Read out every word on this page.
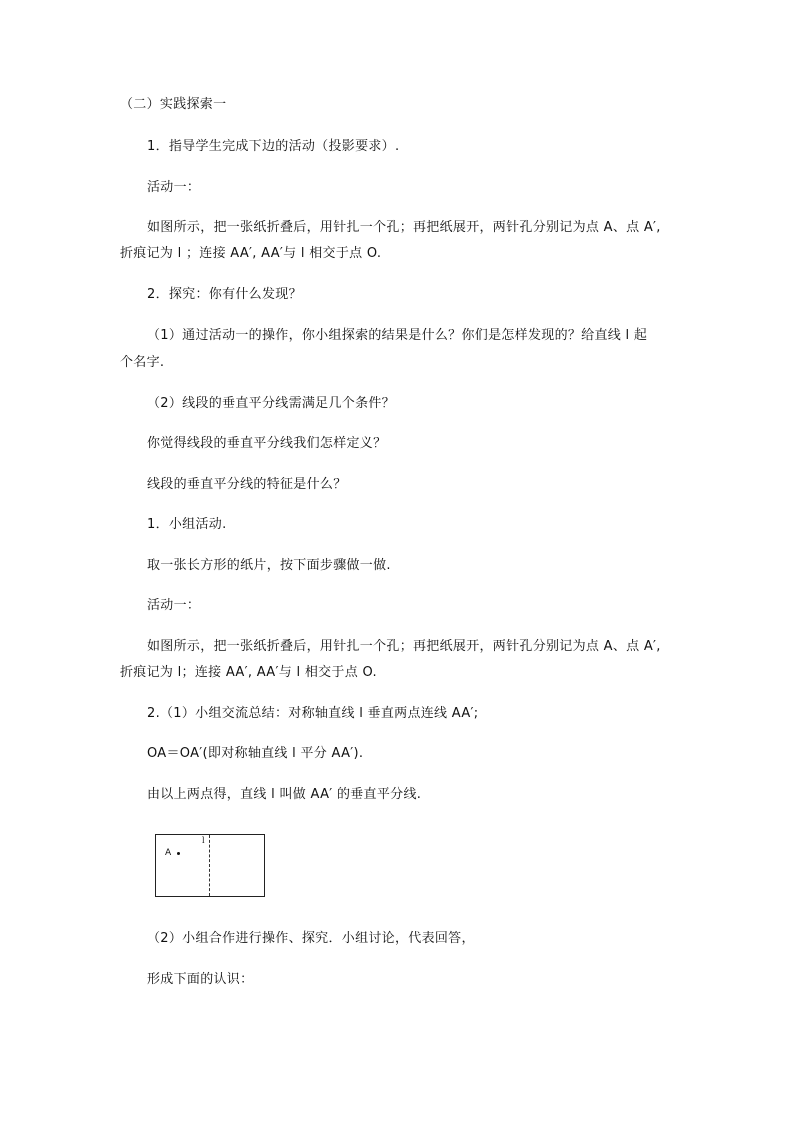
（二）实践探索一
1．指导学生完成下边的活动（投影要求）.
活动一：
如图所示，把一张纸折叠后，用针扎一个孔；再把纸展开，两针孔分别记为点 A、点 A′,
折痕记为 l ；连接 AA′, AA′与 l 相交于点 O.
2．探究：你有什么发现？
（1）通过活动一的操作，你小组探索的结果是什么？你们是怎样发现的？给直线 l 起
个名字.
（2）线段的垂直平分线需满足几个条件？
你觉得线段的垂直平分线我们怎样定义？
线段的垂直平分线的特征是什么？
1．小组活动.
取一张长方形的纸片，按下面步骤做一做.
活动一：
如图所示，把一张纸折叠后，用针扎一个孔；再把纸展开，两针孔分别记为点 A、点 A′,
折痕记为 l；连接 AA′, AA′与 l 相交于点 O.
2.（1）小组交流总结：对称轴直线 l 垂直两点连线 AA′;
OA＝OA′(即对称轴直线 l 平分 AA′).
由以上两点得，直线 l 叫做 AA′ 的垂直平分线.
l
A
（2）小组合作进行操作、探究．小组讨论，代表回答，
形成下面的认识：
